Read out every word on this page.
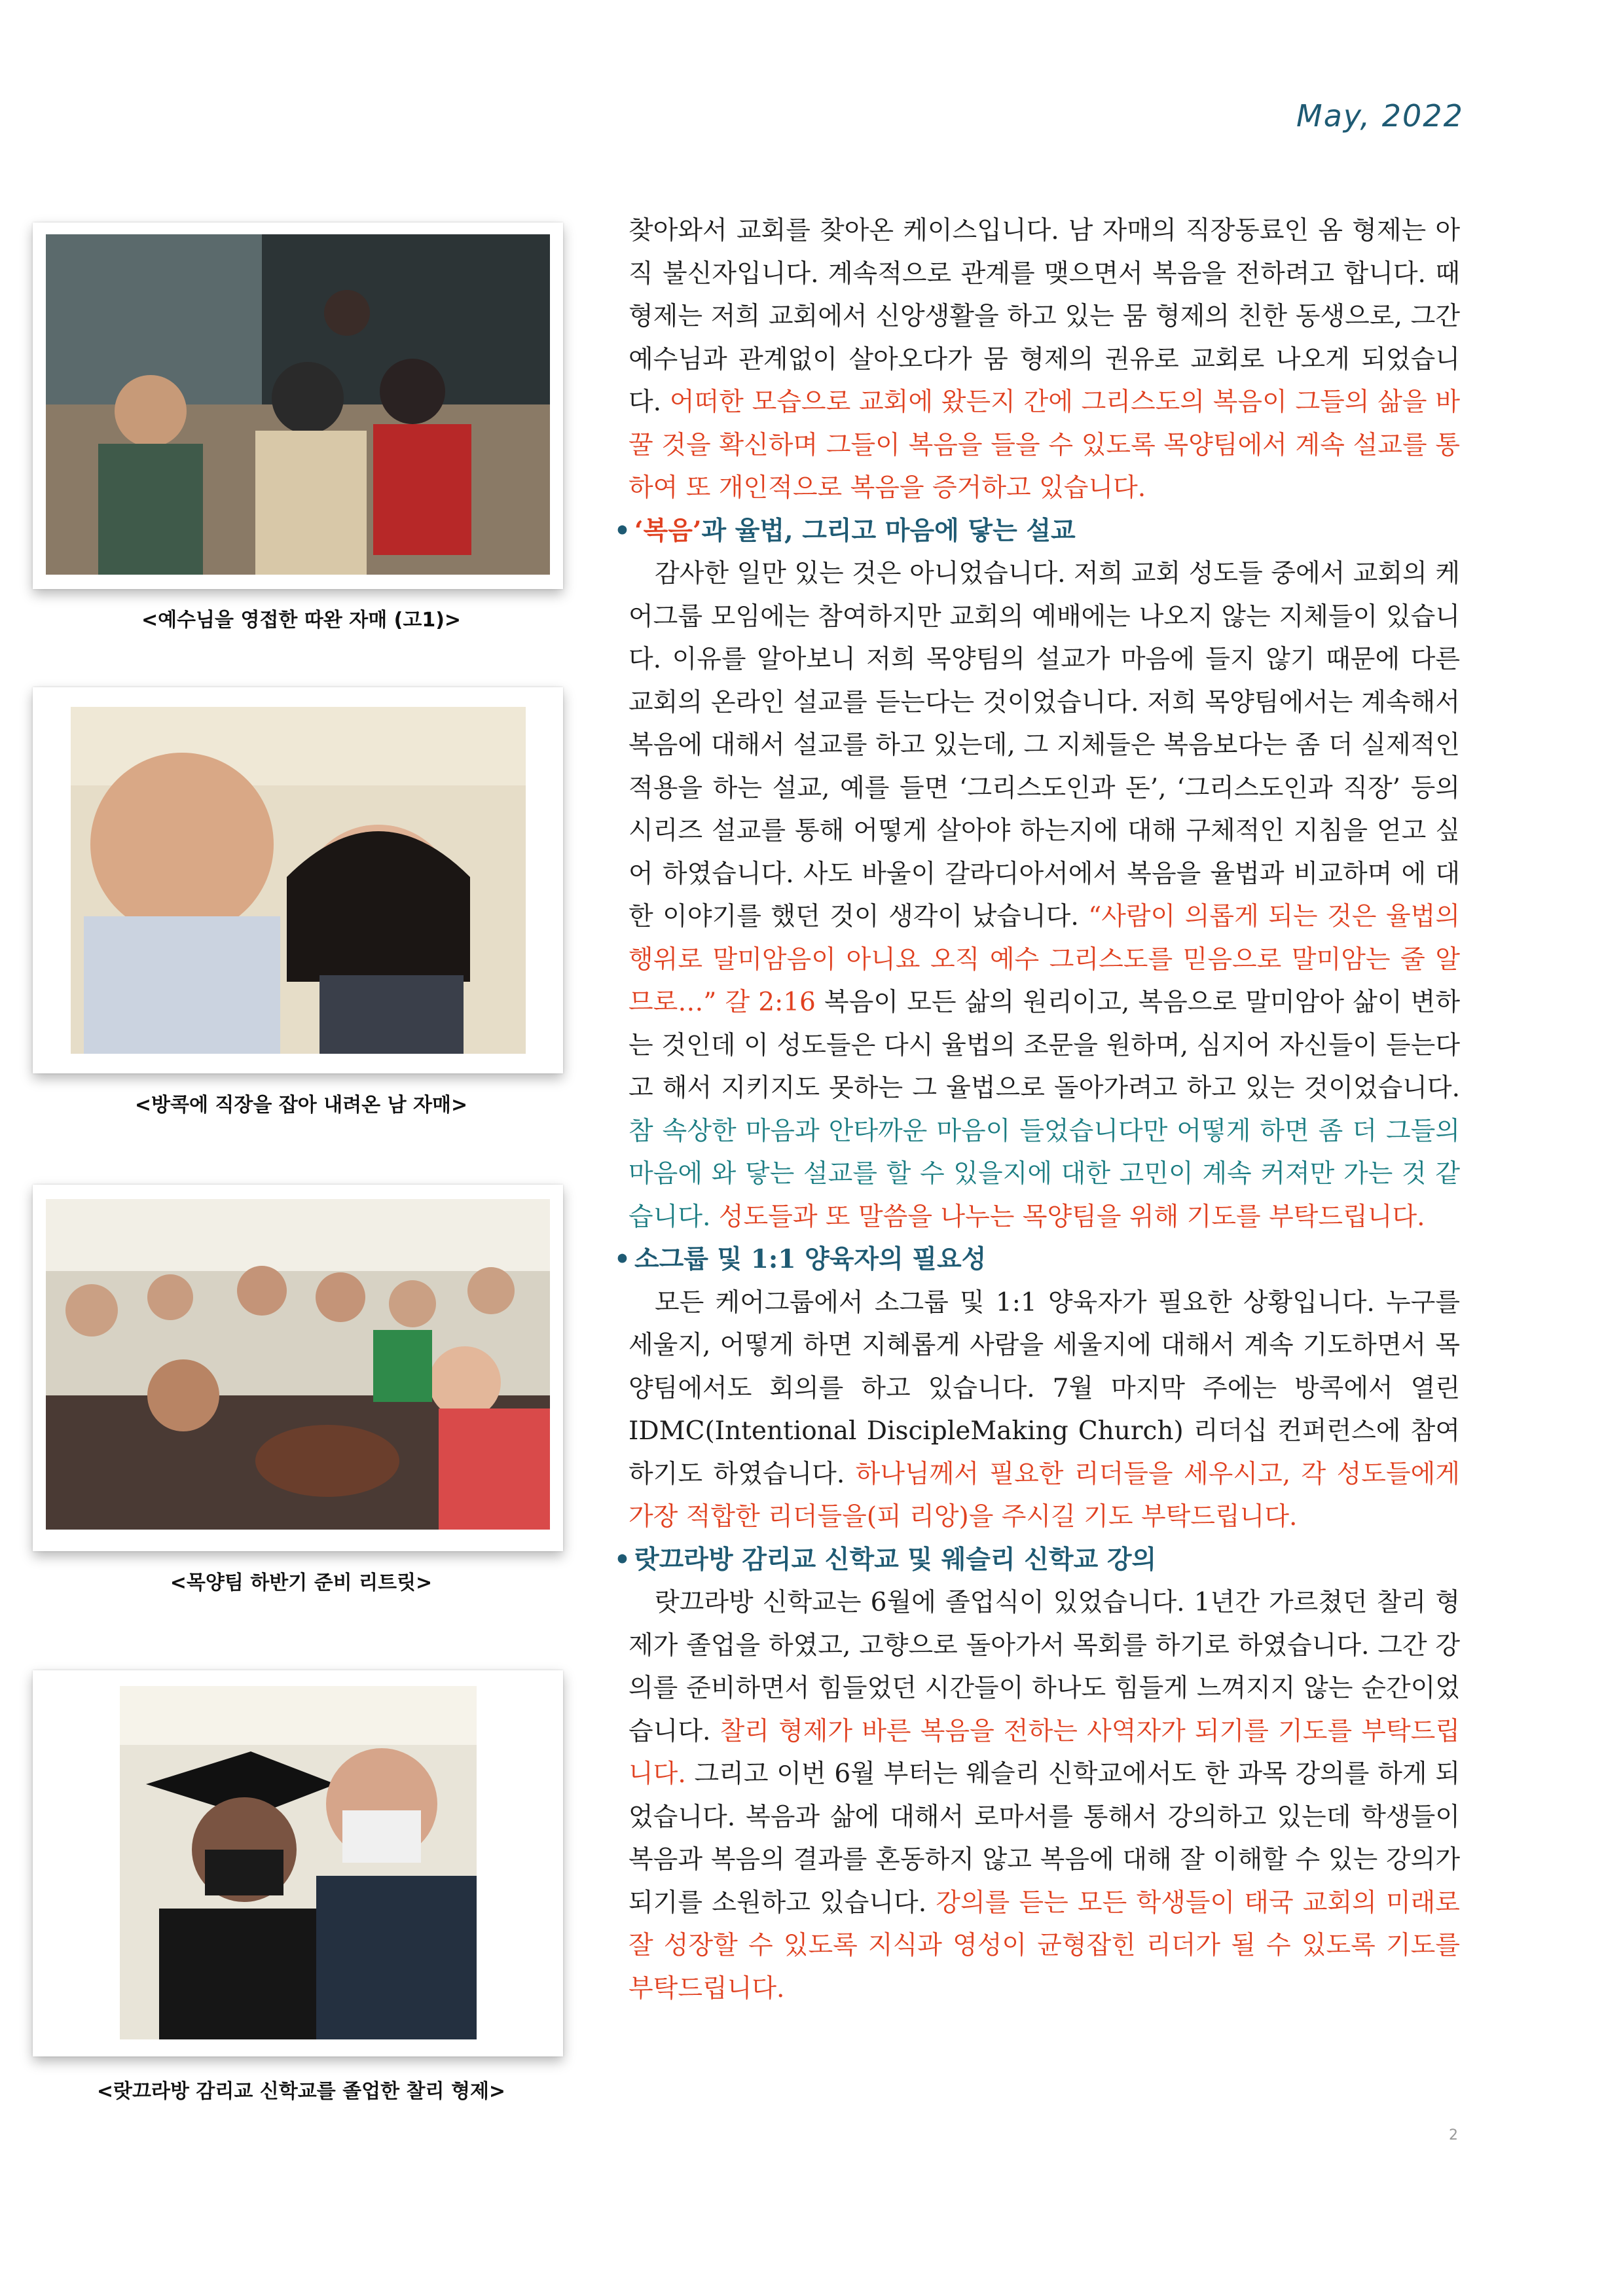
May, 2022
<예수님을 영접한 따완 자매 (고1)>
<방콕에 직장을 잡아 내려온 남 자매>
<목양팀 하반기 준비 리트릿>
<랏끄라방 감리교 신학교를 졸업한 찰리 형제>

찾아와서 교회를 찾아온 케이스입니다. 남 자매의 직장동료인 옴 형제는 아직 불신자입니다. 계속적으로 관계를 맺으면서 복음을 전하려고 합니다. 때 형제는 저희 교회에서 신앙생활을 하고 있는 뭄 형제의 친한 동생으로, 그간 예수님과 관계없이 살아오다가 뭄 형제의 권유로 교회로 나오게 되었습니다. 어떠한 모습으로 교회에 왔든지 간에 그리스도의 복음이 그들의 삶을 바꿀 것을 확신하며 그들이 복음을 들을 수 있도록 목양팀에서 계속 설교를 통하여 또 개인적으로 복음을 증거하고 있습니다.

• ‘복음’과 율법, 그리고 마음에 닿는 설교

감사한 일만 있는 것은 아니었습니다. 저희 교회 성도들 중에서 교회의 케어그룹 모임에는 참여하지만 교회의 예배에는 나오지 않는 지체들이 있습니다. 이유를 알아보니 저희 목양팀의 설교가 마음에 들지 않기 때문에 다른 교회의 온라인 설교를 듣는다는 것이었습니다. 저희 목양팀에서는 계속해서 복음에 대해서 설교를 하고 있는데, 그 지체들은 복음보다는 좀 더 실제적인 적용을 하는 설교, 예를 들면 ‘그리스도인과 돈’, ‘그리스도인과 직장’ 등의 시리즈 설교를 통해 어떻게 살아야 하는지에 대해 구체적인 지침을 얻고 싶어 하였습니다. 사도 바울이 갈라디아서에서 복음을 율법과 비교하며 에 대한 이야기를 했던 것이 생각이 났습니다. “사람이 의롭게 되는 것은 율법의 행위로 말미암음이 아니요 오직 예수 그리스도를 믿음으로 말미암는 줄 알므로…” 갈 2:16 복음이 모든 삶의 원리이고, 복음으로 말미암아 삶이 변하는 것인데 이 성도들은 다시 율법의 조문을 원하며, 심지어 자신들이 듣는다고 해서 지키지도 못하는 그 율법으로 돌아가려고 하고 있는 것이었습니다. 참 속상한 마음과 안타까운 마음이 들었습니다만 어떻게 하면 좀 더 그들의 마음에 와 닿는 설교를 할 수 있을지에 대한 고민이 계속 커져만 가는 것 같습니다. 성도들과 또 말씀을 나누는 목양팀을 위해 기도를 부탁드립니다.

• 소그룹 및 1:1 양육자의 필요성

모든 케어그룹에서 소그룹 및 1:1 양육자가 필요한 상황입니다. 누구를 세울지, 어떻게 하면 지혜롭게 사람을 세울지에 대해서 계속 기도하면서 목양팀에서도 회의를 하고 있습니다. 7월 마지막 주에는 방콕에서 열린 IDMC(Intentional DiscipleMaking Church) 리더십 컨퍼런스에 참여하기도 하였습니다. 하나님께서 필요한 리더들을 세우시고, 각 성도들에게 가장 적합한 리더들을(피 리앙)을 주시길 기도 부탁드립니다.

• 랏끄라방 감리교 신학교 및 웨슬리 신학교 강의

랏끄라방 신학교는 6월에 졸업식이 있었습니다. 1년간 가르쳤던 찰리 형제가 졸업을 하였고, 고향으로 돌아가서 목회를 하기로 하였습니다. 그간 강의를 준비하면서 힘들었던 시간들이 하나도 힘들게 느껴지지 않는 순간이었습니다. 찰리 형제가 바른 복음을 전하는 사역자가 되기를 기도를 부탁드립니다. 그리고 이번 6월 부터는 웨슬리 신학교에서도 한 과목 강의를 하게 되었습니다. 복음과 삶에 대해서 로마서를 통해서 강의하고 있는데 학생들이 복음과 복음의 결과를 혼동하지 않고 복음에 대해 잘 이해할 수 있는 강의가 되기를 소원하고 있습니다. 강의를 듣는 모든 학생들이 태국 교회의 미래로 잘 성장할 수 있도록 지식과 영성이 균형잡힌 리더가 될 수 있도록 기도를 부탁드립니다.

2
